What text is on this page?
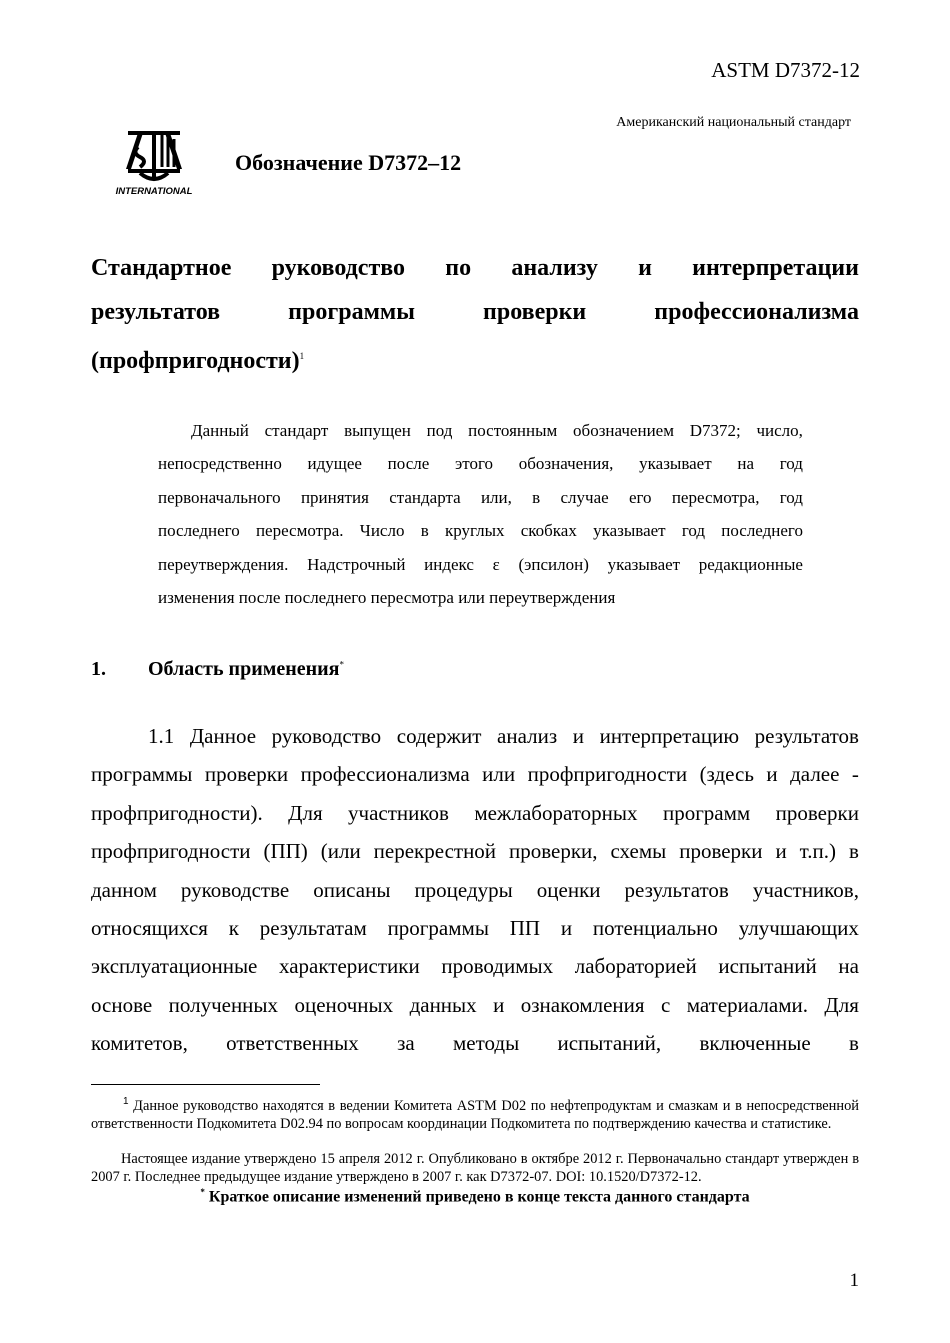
ASTM D7372-12
Американский национальный стандарт
INTERNATIONAL
Обозначение D7372–12
Стандартное руководство по анализу и интерпретации
результатов	программы	проверки	профессионализма
(профпригодности)$^1$
Данный стандарт выпущен под постоянным обозначением D7372; число,
непосредственно идущее после этого обозначения, указывает на год
первоначального принятия стандарта или, в случае его пересмотра, год
последнего пересмотра. Число в круглых скобках указывает год последнего
переутверждения. Надстрочный индекс ε (эпсилон) указывает редакционные
изменения после последнего пересмотра или переутверждения
1. Область применения*
1.1 Данное руководство содержит анализ и интерпретацию результатов
программы проверки профессионализма или профпригодности (здесь и далее -
профпригодности). Для участников межлабораторных программ проверки
профпригодности (ПП) (или перекрестной проверки, схемы проверки и т.п.) в
данном руководстве описаны процедуры оценки результатов участников,
относящихся к результатам программы ПП и потенциально улучшающих
эксплуатационные характеристики проводимых лабораторией испытаний на
основе полученных оценочных данных и ознакомления с материалами. Для
комитетов, ответственных за методы испытаний, включенные в
$^1$ Данное руководство находятся в ведении Комитета ASTM D02 по нефтепродуктам и смазкам и в непосредственной ответственности Подкомитета D02.94 по вопросам координации Подкомитета по подтверждению качества и статистике.
Настоящее издание утверждено 15 апреля 2012 г. Опубликовано в октябре 2012 г. Первоначально стандарт утвержден в 2007 г. Последнее предыдущее издание утверждено в 2007 г. как D7372-07. DOI: 10.1520/D7372-12.
* Краткое описание изменений приведено в конце текста данного стандарта
1
